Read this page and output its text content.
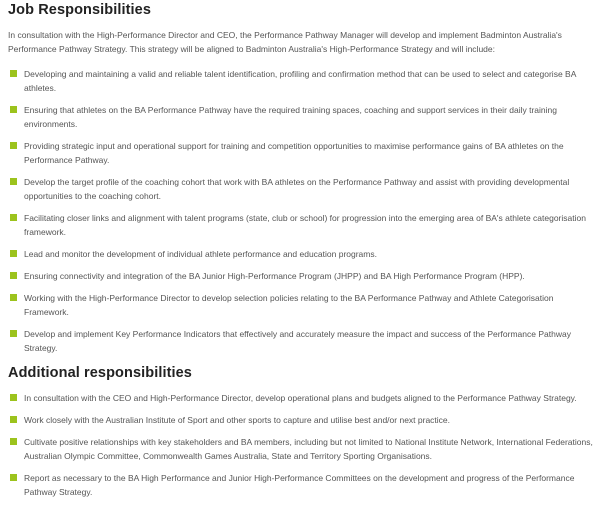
Job Responsibilities

In consultation with the High-Performance Director and CEO, the Performance Pathway Manager will develop and implement Badminton Australia's Performance Pathway Strategy. This strategy will be aligned to Badminton Australia's High-Performance Strategy and will include:

Developing and maintaining a valid and reliable talent identification, profiling and confirmation method that can be used to select and categorise BA athletes.
Ensuring that athletes on the BA Performance Pathway have the required training spaces, coaching and support services in their daily training environments.
Providing strategic input and operational support for training and competition opportunities to maximise performance gains of BA athletes on the Performance Pathway.
Develop the target profile of the coaching cohort that work with BA athletes on the Performance Pathway and assist with providing developmental opportunities to the coaching cohort.
Facilitating closer links and alignment with talent programs (state, club or school) for progression into the emerging area of BA's athlete categorisation framework.
Lead and monitor the development of individual athlete performance and education programs.
Ensuring connectivity and integration of the BA Junior High-Performance Program (JHPP) and BA High Performance Program (HPP).
Working with the High-Performance Director to develop selection policies relating to the BA Performance Pathway and Athlete Categorisation Framework.
Develop and implement Key Performance Indicators that effectively and accurately measure the impact and success of the Performance Pathway Strategy.
Additional responsibilities
In consultation with the CEO and High-Performance Director, develop operational plans and budgets aligned to the Performance Pathway Strategy.
Work closely with the Australian Institute of Sport and other sports to capture and utilise best and/or next practice.
Cultivate positive relationships with key stakeholders and BA members, including but not limited to National Institute Network, International Federations, Australian Olympic Committee, Commonwealth Games Australia, State and Territory Sporting Organisations.
Report as necessary to the BA High Performance and Junior High-Performance Committees on the development and progress of the Performance Pathway Strategy.
